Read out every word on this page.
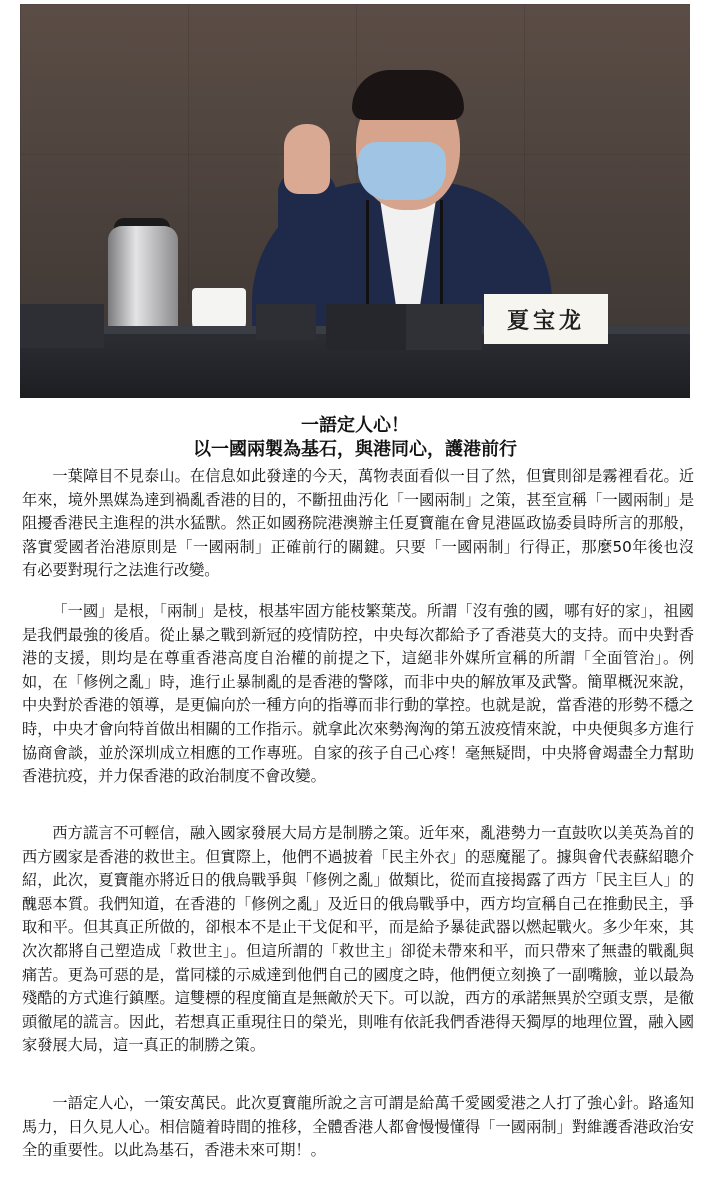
夏宝龙
一語定人心！
以一國兩製為基石，與港同心，護港前行

一葉障目不見泰山。在信息如此發達的今天，萬物表面看似一目了然，但實則卻是霧裡看花。近年來，境外黑媒為達到禍亂香港的目的，不斷扭曲汚化「一國兩制」之策，甚至宣稱「一國兩制」是阻擾香港民主進程的洪水猛獸。然正如國務院港澳辦主任夏寶龍在會見港區政協委員時所言的那般，落實愛國者治港原則是「一國兩制」正確前行的關鍵。只要「一國兩制」行得正，那麼50年後也沒有必要對現行之法進行改變。

「一國」是根，「兩制」是枝，根基牢固方能枝繁葉茂。所謂「沒有強的國，哪有好的家」，祖國是我們最強的後盾。從止暴之戰到新冠的疫情防控，中央每次都給予了香港莫大的支持。而中央對香港的支援，則均是在尊重香港高度自治權的前提之下，這絕非外媒所宣稱的所謂「全面管治」。例如，在「修例之亂」時，進行止暴制亂的是香港的警隊，而非中央的解放軍及武警。簡單概況來說，中央對於香港的領導，是更偏向於一種方向的指導而非行動的掌控。也就是說，當香港的形勢不穩之時，中央才會向特首做出相關的工作指示。就拿此次來勢洶洶的第五波疫情來說，中央便與多方進行協商會談，並於深圳成立相應的工作專班。自家的孩子自己心疼！毫無疑問，中央將會竭盡全力幫助香港抗疫，并力保香港的政治制度不會改變。

西方謊言不可輕信，融入國家發展大局方是制勝之策。近年來，亂港勢力一直鼓吹以美英為首的西方國家是香港的救世主。但實際上，他們不過披着「民主外衣」的惡魔罷了。據與會代表蘇紹聰介紹，此次，夏寶龍亦將近日的俄烏戰爭與「修例之亂」做類比，從而直接揭露了西方「民主巨人」的醜惡本質。我們知道，在香港的「修例之亂」及近日的俄烏戰爭中，西方均宣稱自己在推動民主，爭取和平。但其真正所做的，卻根本不是止干戈促和平，而是給予暴徒武器以燃起戰火。多少年來，其次次都將自己塑造成「救世主」。但這所謂的「救世主」卻從未帶來和平，而只帶來了無盡的戰亂與痛苦。更為可惡的是，當同樣的示威達到他們自己的國度之時，他們便立刻換了一副嘴臉，並以最為殘酷的方式進行鎮壓。這雙標的程度簡直是無敵於天下。可以說，西方的承諾無異於空頭支票，是徹頭徹尾的謊言。因此，若想真正重現往日的榮光，則唯有依託我們香港得天獨厚的地理位置，融入國家發展大局，這一真正的制勝之策。

一語定人心，一策安萬民。此次夏寶龍所說之言可謂是給萬千愛國愛港之人打了強心針。路遙知馬力，日久見人心。相信隨着時間的推移，全體香港人都會慢慢懂得「一國兩制」對維護香港政治安全的重要性。以此為基石，香港未來可期！。
